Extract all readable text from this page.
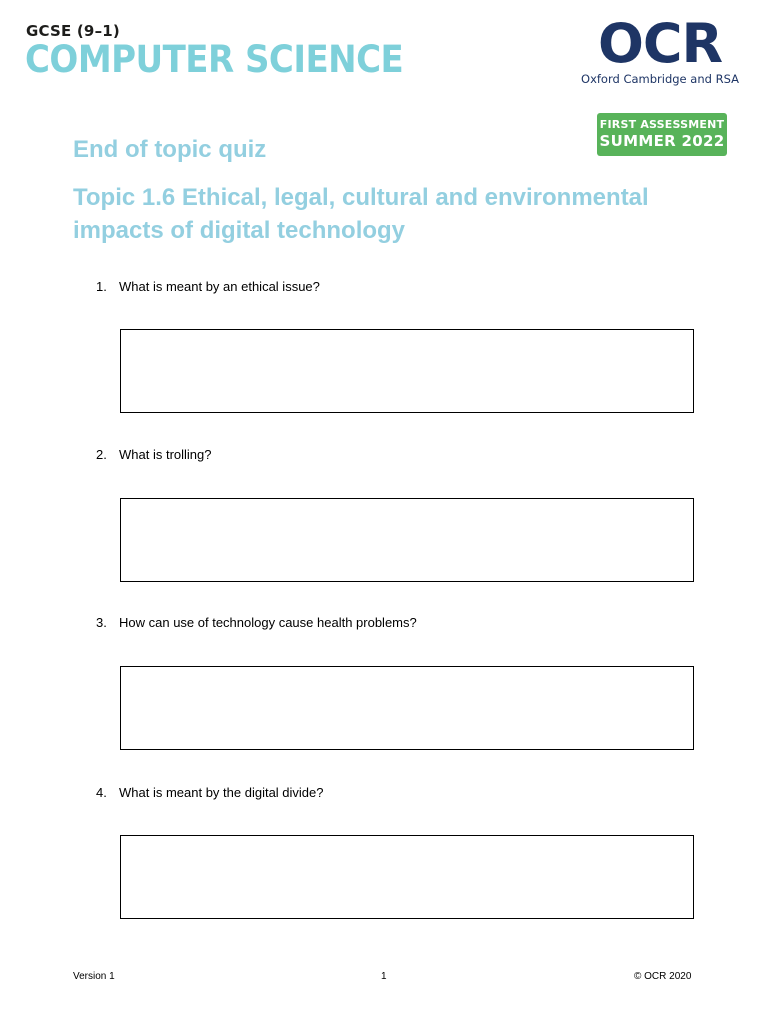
GCSE (9–1)
COMPUTER SCIENCE	OCR
Oxford Cambridge and RSA
FIRST ASSESSMENT
SUMMER 2022
End of topic quiz
Topic 1.6 Ethical, legal, cultural and environmental impacts of digital technology
1. What is meant by an ethical issue?
2. What is trolling?
3. How can use of technology cause health problems?
4. What is meant by the digital divide?
Version 1	1	© OCR 2020
